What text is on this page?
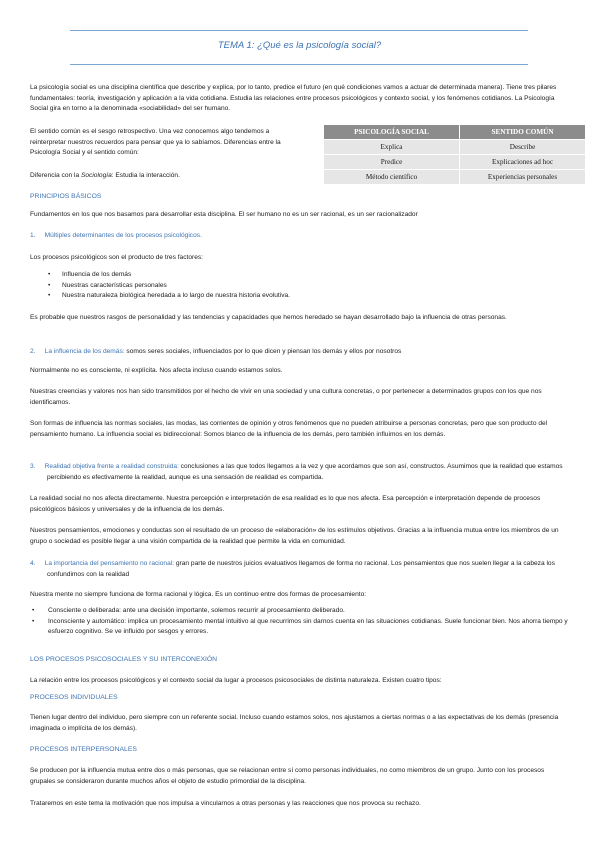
TEMA 1: ¿Qué es la psicología social?

La psicología social es una disciplina científica que describe y explica, por lo tanto, predice el futuro (en qué condiciones vamos a actuar de determinada manera). Tiene tres pilares fundamentales: teoría, investigación y aplicación a la vida cotidiana. Estudia las relaciones entre procesos psicológicos y contexto social, y los fenómenos cotidianos. La Psicología Social gira en torno a la denominada «sociabilidad» del ser humano.

El sentido común es el sesgo retrospectivo. Una vez conocemos algo tendemos a reinterpretar nuestros recuerdos para pensar que ya lo sabíamos. Diferencias entre la Psicología Social y el sentido común:

Diferencia con la Sociología: Estudia la interacción.

PSICOLOGÍA SOCIAL	SENTIDO COMÚN
Explica	Describe
Predice	Explicaciones ad hoc
Método científico	Experiencias personales
PRINCIPIOS BÁSICOS

Fundamentos en los que nos basamos para desarrollar esta disciplina. El ser humano no es un ser racional, es un ser racionalizador

1. Múltiples determinantes de los procesos psicológicos.

Los procesos psicológicos son el producto de tres factores:

• Influencia de los demás
• Nuestras características personales
• Nuestra naturaleza biológica heredada a lo largo de nuestra historia evolutiva.

Es probable que nuestros rasgos de personalidad y las tendencias y capacidades que hemos heredado se hayan desarrollado bajo la influencia de otras personas.

2. La influencia de los demás: somos seres sociales, influenciados por lo que dicen y piensan los demás y ellos por nosotros

Normalmente no es consciente, ni explícita. Nos afecta incluso cuando estamos solos.

Nuestras creencias y valores nos han sido transmitidos por el hecho de vivir en una sociedad y una cultura concretas, o por pertenecer a determinados grupos con los que nos identificamos.

Son formas de influencia las normas sociales, las modas, las corrientes de opinión y otros fenómenos que no pueden atribuirse a personas concretas, pero que son producto del pensamiento humano. La influencia social es bidireccional: Somos blanco de la influencia de los demás, pero también influimos en los demás.

3. Realidad objetiva frente a realidad construida: conclusiones a las que todos llegamos a la vez y que acordamos que son así, constructos. Asumimos que la realidad que estamos percibiendo es efectivamente la realidad, aunque es una sensación de realidad es compartida.

La realidad social no nos afecta directamente. Nuestra percepción e interpretación de esa realidad es lo que nos afecta. Esa percepción e interpretación depende de procesos psicológicos básicos y universales y de la influencia de los demás.

Nuestros pensamientos, emociones y conductas son el resultado de un proceso de «elaboración» de los estímulos objetivos. Gracias a la influencia mutua entre los miembros de un grupo o sociedad es posible llegar a una visión compartida de la realidad que permite la vida en comunidad.

4. La importancia del pensamiento no racional: gran parte de nuestros juicios evaluativos llegamos de forma no racional. Los pensamientos que nos suelen llegar a la cabeza los confundimos con la realidad

Nuestra mente no siempre funciona de forma racional y lógica. Es un continuo entre dos formas de procesamiento:

• Consciente o deliberada: ante una decisión importante, solemos recurrir al procesamiento deliberado.
• Inconsciente y automático: implica un procesamiento mental intuitivo al que recurrimos sin darnos cuenta en las situaciones cotidianas. Suele funcionar bien. Nos ahorra tiempo y esfuerzo cognitivo. Se ve influido por sesgos y errores.
LOS PROCESOS PSICOSOCIALES Y SU INTERCONEXIÓN

La relación entre los procesos psicológicos y el contexto social da lugar a procesos psicosociales de distinta naturaleza. Existen cuatro tipos:

PROCESOS INDIVIDUALES

Tienen lugar dentro del individuo, pero siempre con un referente social. Incluso cuando estamos solos, nos ajustamos a ciertas normas o a las expectativas de los demás (presencia imaginada o implícita de los demás).

PROCESOS INTERPERSONALES

Se producen por la influencia mutua entre dos o más personas, que se relacionan entre sí como personas individuales, no como miembros de un grupo. Junto con los procesos grupales se consideraron durante muchos años el objeto de estudio primordial de la disciplina.

Trataremos en este tema la motivación que nos impulsa a vincularnos a otras personas y las reacciones que nos provoca su rechazo.
